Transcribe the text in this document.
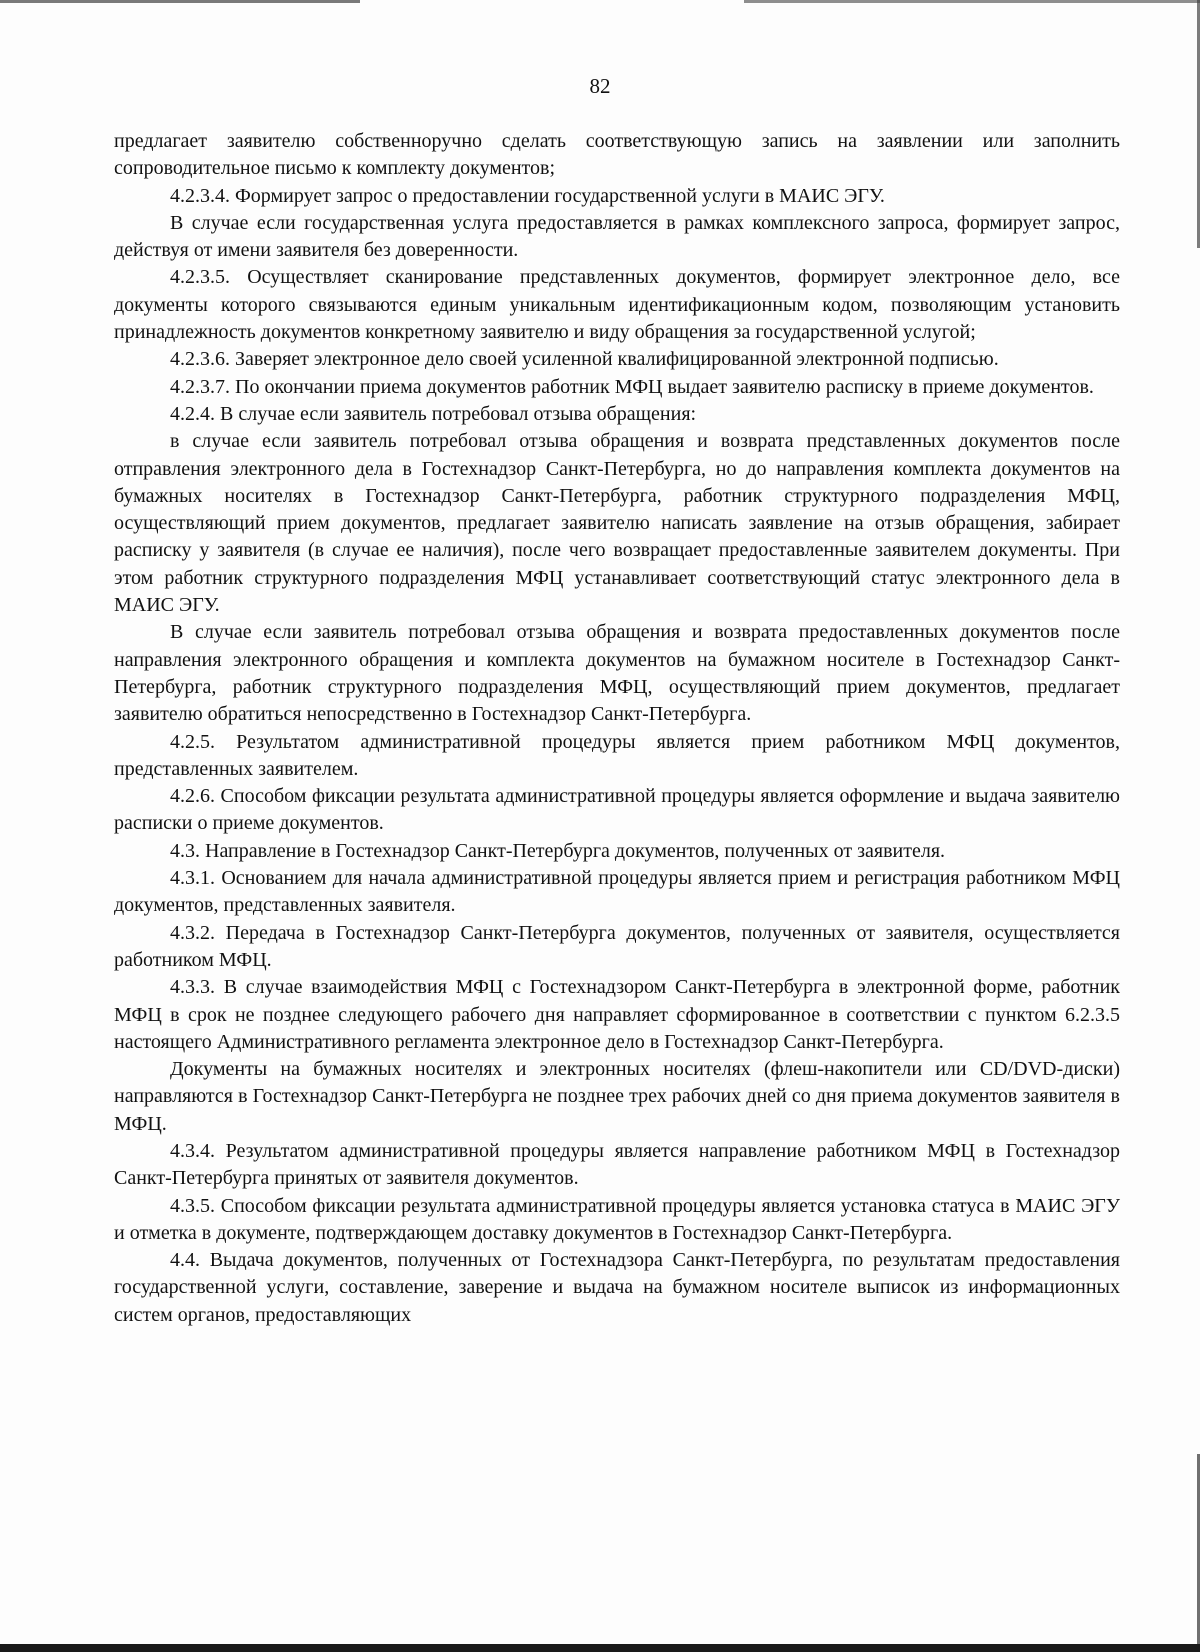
82

предлагает заявителю собственноручно сделать соответствующую запись на заявлении или заполнить сопроводительное письмо к комплекту документов;

4.2.3.4. Формирует запрос о предоставлении государственной услуги в МАИС ЭГУ.

В случае если государственная услуга предоставляется в рамках комплексного запроса, формирует запрос, действуя от имени заявителя без доверенности.

4.2.3.5. Осуществляет сканирование представленных документов, формирует электронное дело, все документы которого связываются единым уникальным идентификационным кодом, позволяющим установить принадлежность документов конкретному заявителю и виду обращения за государственной услугой;

4.2.3.6. Заверяет электронное дело своей усиленной квалифицированной электронной подписью.

4.2.3.7. По окончании приема документов работник МФЦ выдает заявителю расписку в приеме документов.

4.2.4. В случае если заявитель потребовал отзыва обращения:

в случае если заявитель потребовал отзыва обращения и возврата представленных документов после отправления электронного дела в Гостехнадзор Санкт-Петербурга, но до направления комплекта документов на бумажных носителях в Гостехнадзор Санкт-Петербурга, работник структурного подразделения МФЦ, осуществляющий прием документов, предлагает заявителю написать заявление на отзыв обращения, забирает расписку у заявителя (в случае ее наличия), после чего возвращает предоставленные заявителем документы. При этом работник структурного подразделения МФЦ устанавливает соответствующий статус электронного дела в МАИС ЭГУ.

В случае если заявитель потребовал отзыва обращения и возврата предоставленных документов после направления электронного обращения и комплекта документов на бумажном носителе в Гостехнадзор Санкт-Петербурга, работник структурного подразделения МФЦ, осуществляющий прием документов, предлагает заявителю обратиться непосредственно в Гостехнадзор Санкт-Петербурга.

4.2.5. Результатом административной процедуры является прием работником МФЦ документов, представленных заявителем.

4.2.6. Способом фиксации результата административной процедуры является оформление и выдача заявителю расписки о приеме документов.

4.3. Направление в Гостехнадзор Санкт-Петербурга документов, полученных от заявителя.

4.3.1. Основанием для начала административной процедуры является прием и регистрация работником МФЦ документов, представленных заявителя.

4.3.2. Передача в Гостехнадзор Санкт-Петербурга документов, полученных от заявителя, осуществляется работником МФЦ.

4.3.3. В случае взаимодействия МФЦ с Гостехнадзором Санкт-Петербурга в электронной форме, работник МФЦ в срок не позднее следующего рабочего дня направляет сформированное в соответствии с пунктом 6.2.3.5 настоящего Административного регламента электронное дело в Гостехнадзор Санкт-Петербурга.

Документы на бумажных носителях и электронных носителях (флеш-накопители или CD/DVD-диски) направляются в Гостехнадзор Санкт-Петербурга не позднее трех рабочих дней со дня приема документов заявителя в МФЦ.

4.3.4. Результатом административной процедуры является направление работником МФЦ в Гостехнадзор Санкт-Петербурга принятых от заявителя документов.

4.3.5. Способом фиксации результата административной процедуры является установка статуса в МАИС ЭГУ и отметка в документе, подтверждающем доставку документов в Гостехнадзор Санкт-Петербурга.

4.4. Выдача документов, полученных от Гостехнадзора Санкт-Петербурга, по результатам предоставления государственной услуги, составление, заверение и выдача на бумажном носителе выписок из информационных систем органов, предоставляющих
